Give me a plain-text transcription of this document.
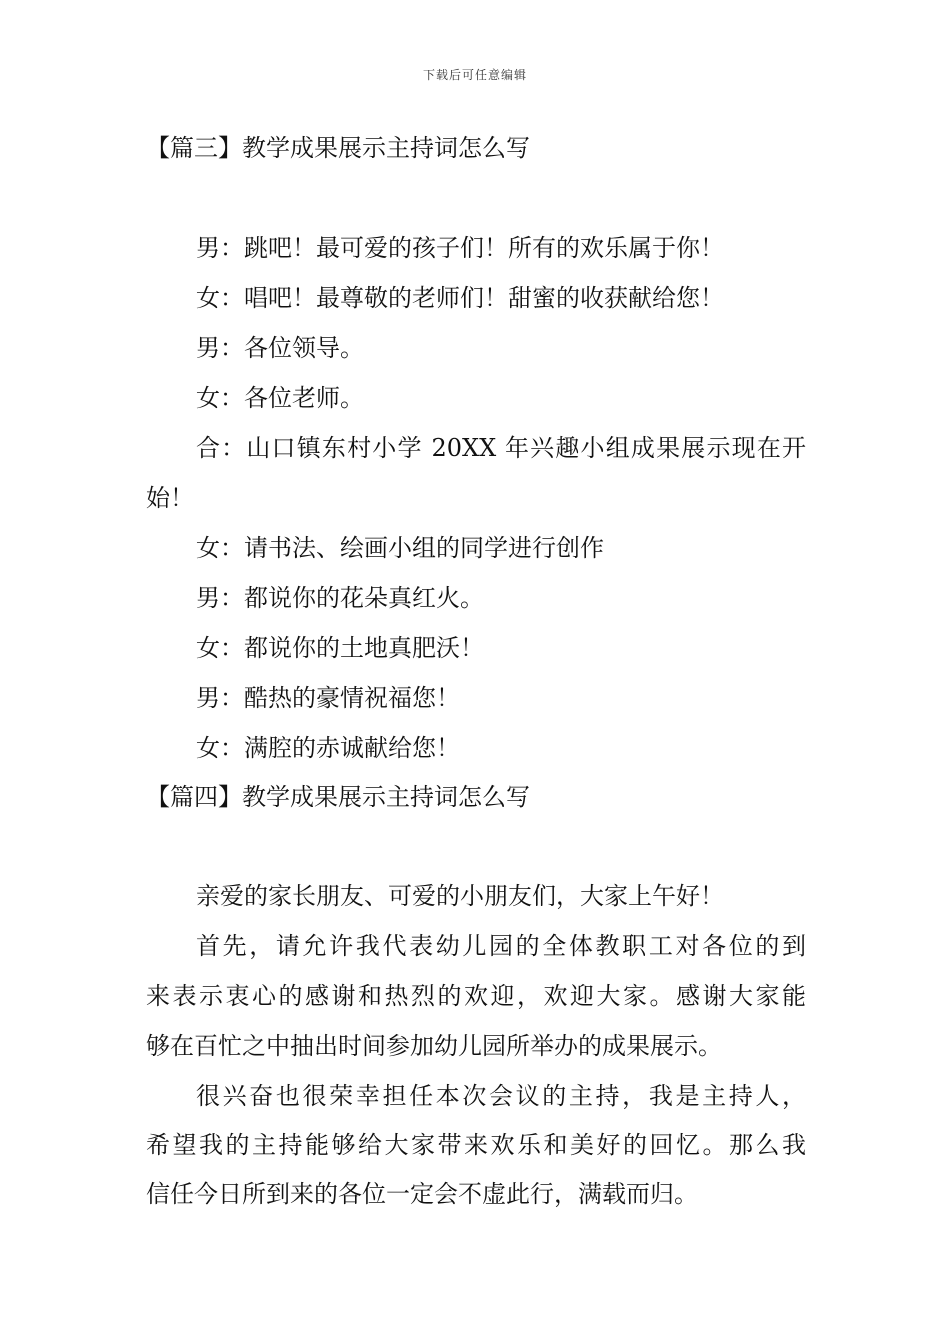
下载后可任意编辑
【篇三】教学成果展示主持词怎么写
男：跳吧！最可爱的孩子们！所有的欢乐属于你！
女：唱吧！最尊敬的老师们！甜蜜的收获献给您！
男：各位领导。
女：各位老师。
合：山口镇东村小学 20XX 年兴趣小组成果展示现在开
始！
女：请书法、绘画小组的同学进行创作
男：都说你的花朵真红火。
女：都说你的土地真肥沃！
男：酷热的豪情祝福您！
女：满腔的赤诚献给您！
【篇四】教学成果展示主持词怎么写
亲爱的家长朋友、可爱的小朋友们，大家上午好！
首先，请允许我代表幼儿园的全体教职工对各位的到
来表示衷心的感谢和热烈的欢迎，欢迎大家。感谢大家能
够在百忙之中抽出时间参加幼儿园所举办的成果展示。
很兴奋也很荣幸担任本次会议的主持，我是主持人，
希望我的主持能够给大家带来欢乐和美好的回忆。那么我
信任今日所到来的各位一定会不虚此行，满载而归。
